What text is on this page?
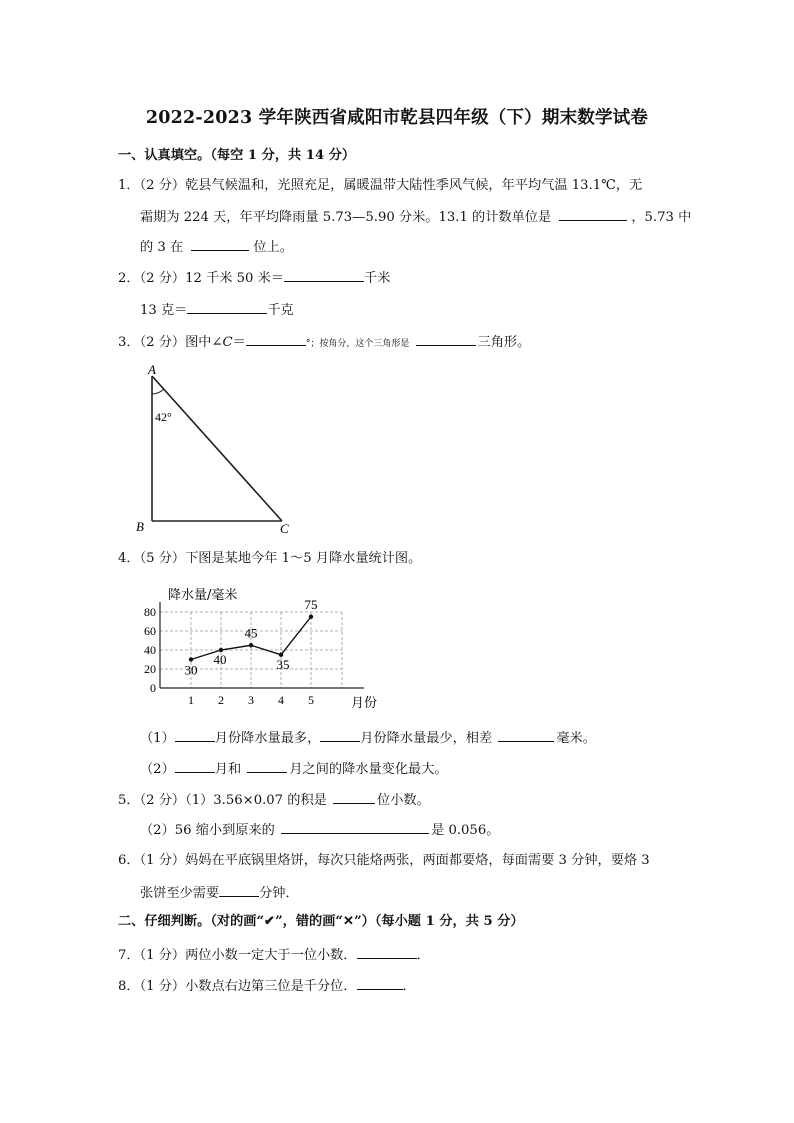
2022-2023 学年陕西省咸阳市乾县四年级（下）期末数学试卷
一、认真填空。（每空 1 分，共 14 分）
1．（2 分）乾县气候温和，光照充足，属暖温带大陆性季风气候，年平均气温 13.1℃，无
霜期为 224 天，年平均降雨量 5.73—5.90 分米。13.1 的计数单位是	，5.73 中
的 3 在	位上。
2．（2 分）12 千米 50 米＝	千米
13 克＝	千克
3．（2 分）图中∠C＝	°；按角分，这个三角形是	三角形。
A
B	C
42°
4．（5 分）下图是某地今年 1～5 月降水量统计图。
0
20
40
60
80
1 2 3 4 5
30
40
45
35
75
降水量/毫米
月份
（1）	月份降水量最多，	月份降水量最少，相差	毫米。
（2）	月和	月之间的降水量变化最大。
5．（2 分）（1）3.56×0.07 的积是	位小数。
（2）56 缩小到原来的	是 0.056。
6．（1 分）妈妈在平底锅里烙饼，每次只能烙两张，两面都要烙，每面需要 3 分钟，要烙 3
张饼至少需要	分钟．
二、仔细判断。（对的画“✔”，错的画“✕”）（每小题 1 分，共 5 分）
7．（1 分）两位小数一定大于一位小数．	．
8．（1 分）小数点右边第三位是千分位．	．
